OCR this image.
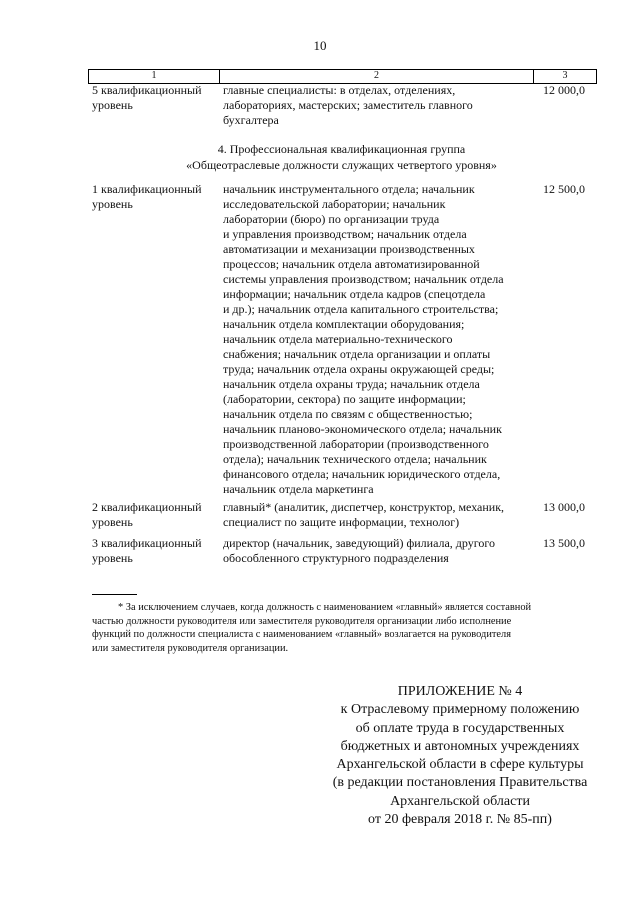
10
1	2	3
5 квалификационный
уровень
главные специалисты: в отделах, отделениях,
лабораториях, мастерских; заместитель главного
бухгалтера
12 000,0
4. Профессиональная квалификационная группа
«Общеотраслевые должности служащих четвертого уровня»
1 квалификационный
уровень
начальник инструментального отдела; начальник
исследовательской лаборатории; начальник
лаборатории (бюро) по организации труда
и управления производством; начальник отдела
автоматизации и механизации производственных
процессов; начальник отдела автоматизированной
системы управления производством; начальник отдела
информации; начальник отдела кадров (спецотдела
и др.); начальник отдела капитального строительства;
начальник отдела комплектации оборудования;
начальник отдела материально-технического
снабжения; начальник отдела организации и оплаты
труда; начальник отдела охраны окружающей среды;
начальник отдела охраны труда; начальник отдела
(лаборатории, сектора) по защите информации;
начальник отдела по связям с общественностью;
начальник планово-экономического отдела; начальник
производственной лаборатории (производственного
отдела); начальник технического отдела; начальник
финансового отдела; начальник юридического отдела,
начальник отдела маркетинга
12 500,0
2 квалификационный
уровень
главный* (аналитик, диспетчер, конструктор, механик,
специалист по защите информации, технолог)
13 000,0
3 квалификационный
уровень
директор (начальник, заведующий) филиала, другого
обособленного структурного подразделения
13 500,0
* За исключением случаев, когда должность с наименованием «главный» является составной
частью должности руководителя или заместителя руководителя организации либо исполнение
функций по должности специалиста с наименованием «главный» возлагается на руководителя
или заместителя руководителя организации.
ПРИЛОЖЕНИЕ № 4
к Отраслевому примерному положению
об оплате труда в государственных
бюджетных и автономных учреждениях
Архангельской области в сфере культуры
(в редакции постановления Правительства
Архангельской области
от 20 февраля 2018 г. № 85-пп)
